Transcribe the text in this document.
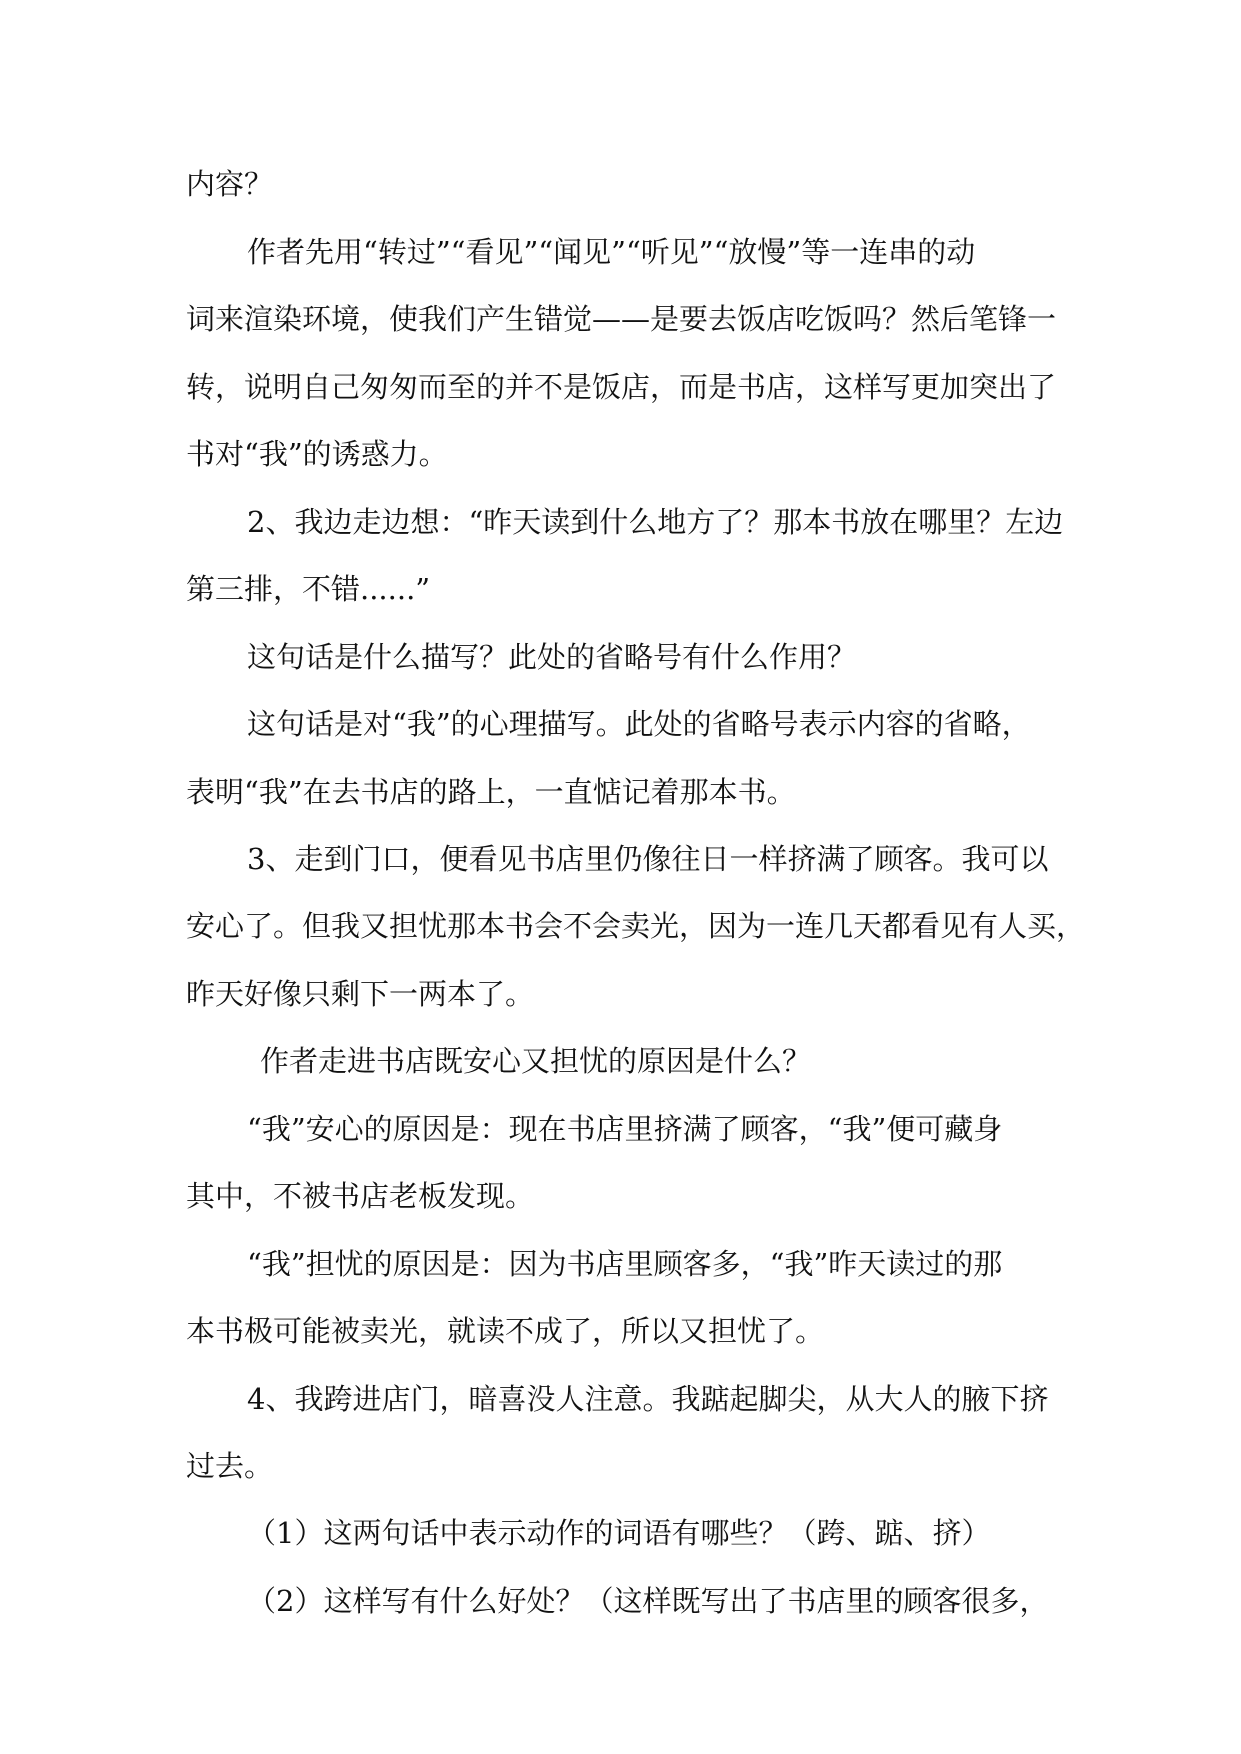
内容？

作者先用“转过”“看见”“闻见”“听见”“放慢”等一连串的动

词来渲染环境，使我们产生错觉——是要去饭店吃饭吗？然后笔锋一

转，说明自己匆匆而至的并不是饭店，而是书店，这样写更加突出了

书对“我”的诱惑力。

2、我边走边想：“昨天读到什么地方了？那本书放在哪里？左边

第三排，不错......”

这句话是什么描写？此处的省略号有什么作用？

这句话是对“我”的心理描写。此处的省略号表示内容的省略，

表明“我”在去书店的路上，一直惦记着那本书。

3、走到门口，便看见书店里仍像往日一样挤满了顾客。我可以

安心了。但我又担忧那本书会不会卖光，因为一连几天都看见有人买，

昨天好像只剩下一两本了。

作者走进书店既安心又担忧的原因是什么？

“我”安心的原因是：现在书店里挤满了顾客，“我”便可藏身

其中，不被书店老板发现。

“我”担忧的原因是：因为书店里顾客多，“我”昨天读过的那

本书极可能被卖光，就读不成了，所以又担忧了。

4、我跨进店门，暗喜没人注意。我踮起脚尖，从大人的腋下挤

过去。

（1）这两句话中表示动作的词语有哪些？（跨、踮、挤）

（2）这样写有什么好处？（这样既写出了书店里的顾客很多，
